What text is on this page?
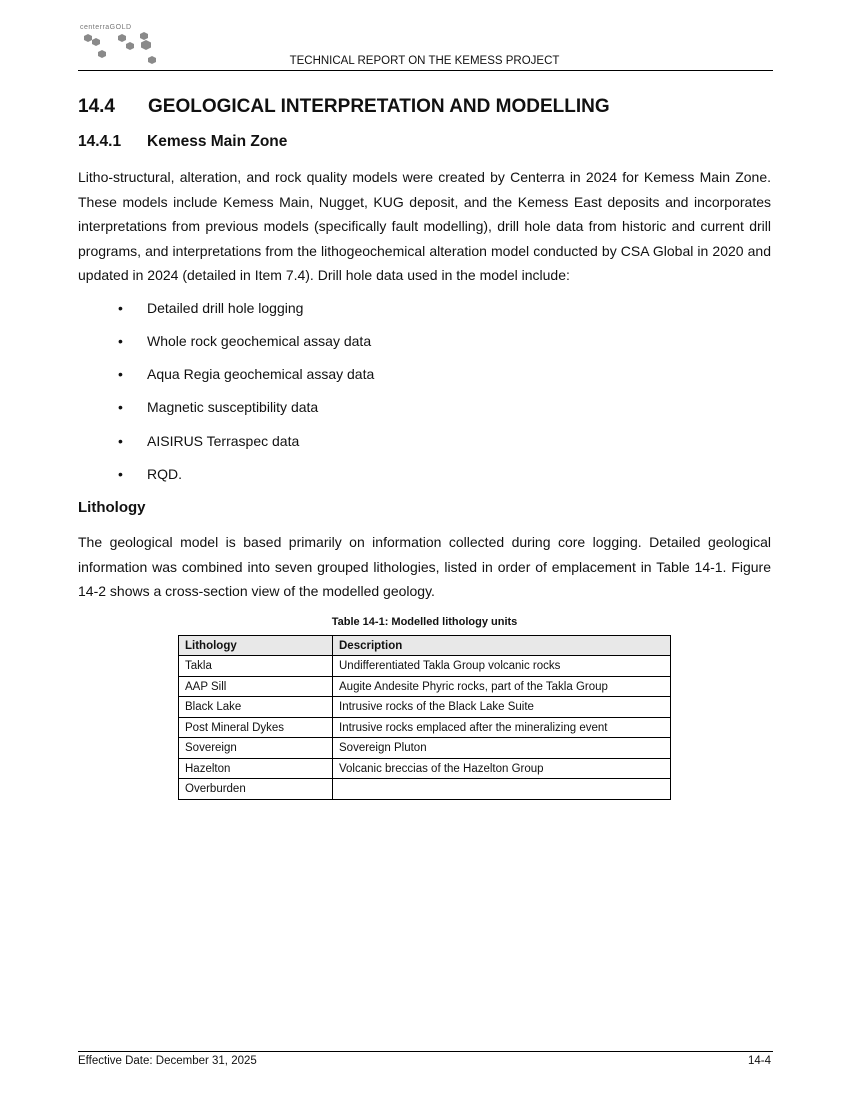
centerraGOLD
TECHNICAL REPORT ON THE KEMESS PROJECT
14.4	GEOLOGICAL INTERPRETATION AND MODELLING
14.4.1	Kemess Main Zone

Litho-structural, alteration, and rock quality models were created by Centerra in 2024 for Kemess Main Zone. These models include Kemess Main, Nugget, KUG deposit, and the Kemess East deposits and incorporates interpretations from previous models (specifically fault modelling), drill hole data from historic and current drill programs, and interpretations from the lithogeochemical alteration model conducted by CSA Global in 2020 and updated in 2024 (detailed in Item 7.4). Drill hole data used in the model include:

• Detailed drill hole logging
• Whole rock geochemical assay data
• Aqua Regia geochemical assay data
• Magnetic susceptibility data
• AISIRUS Terraspec data
• RQD.
Lithology

The geological model is based primarily on information collected during core logging. Detailed geological information was combined into seven grouped lithologies, listed in order of emplacement in Table 14-1. Figure 14-2 shows a cross-section view of the modelled geology.

Table 14-1: Modelled lithology units

Lithology	Description
Takla	Undifferentiated Takla Group volcanic rocks
AAP Sill	Augite Andesite Phyric rocks, part of the Takla Group
Black Lake	Intrusive rocks of the Black Lake Suite
Post Mineral Dykes	Intrusive rocks emplaced after the mineralizing event
Sovereign	Sovereign Pluton
Hazelton	Volcanic breccias of the Hazelton Group
Overburden	
Effective Date: December 31, 2025	14-4
